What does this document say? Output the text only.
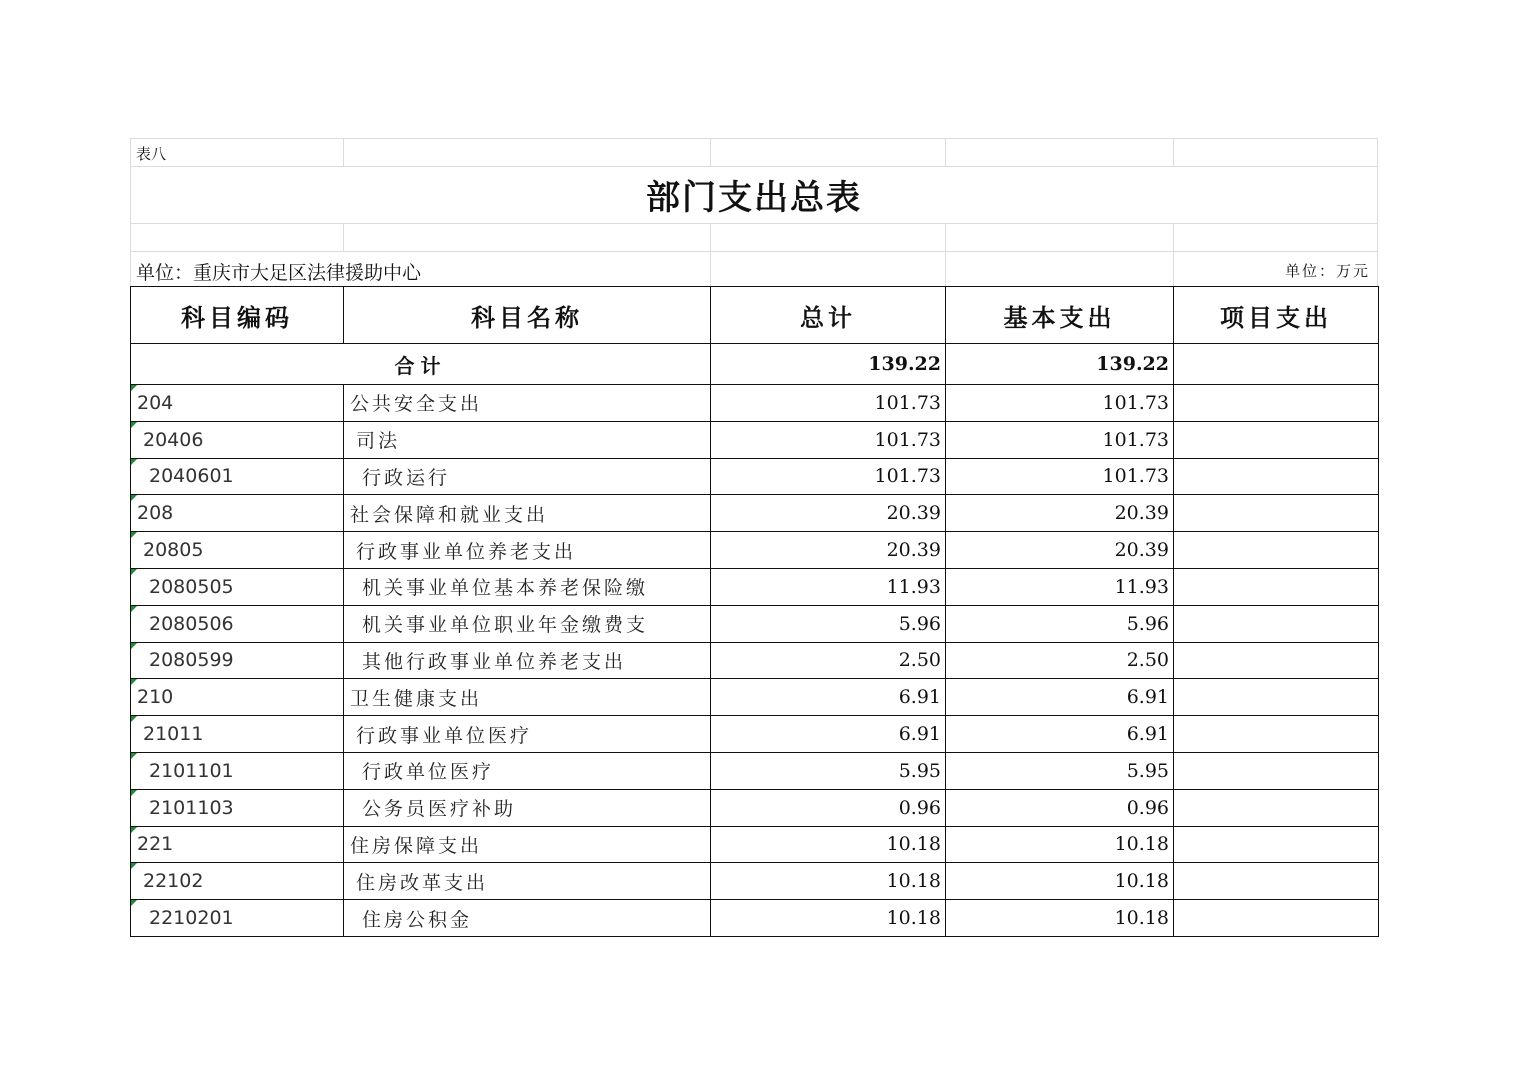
表八
部门支出总表
单位：重庆市大足区法律援助中心	单位：万元
科目编码	科目名称	总计	基本支出	项目支出
合计		139.22	139.22	
204	公共安全支出	101.73	101.73	
20406	司法	101.73	101.73	
2040601	行政运行	101.73	101.73	
208	社会保障和就业支出	20.39	20.39	
20805	行政事业单位养老支出	20.39	20.39	
2080505	机关事业单位基本养老保险缴	11.93	11.93	
2080506	机关事业单位职业年金缴费支	5.96	5.96	
2080599	其他行政事业单位养老支出	2.50	2.50	
210	卫生健康支出	6.91	6.91	
21011	行政事业单位医疗	6.91	6.91	
2101101	行政单位医疗	5.95	5.95	
2101103	公务员医疗补助	0.96	0.96	
221	住房保障支出	10.18	10.18	
22102	住房改革支出	10.18	10.18	
2210201	住房公积金	10.18	10.18	
